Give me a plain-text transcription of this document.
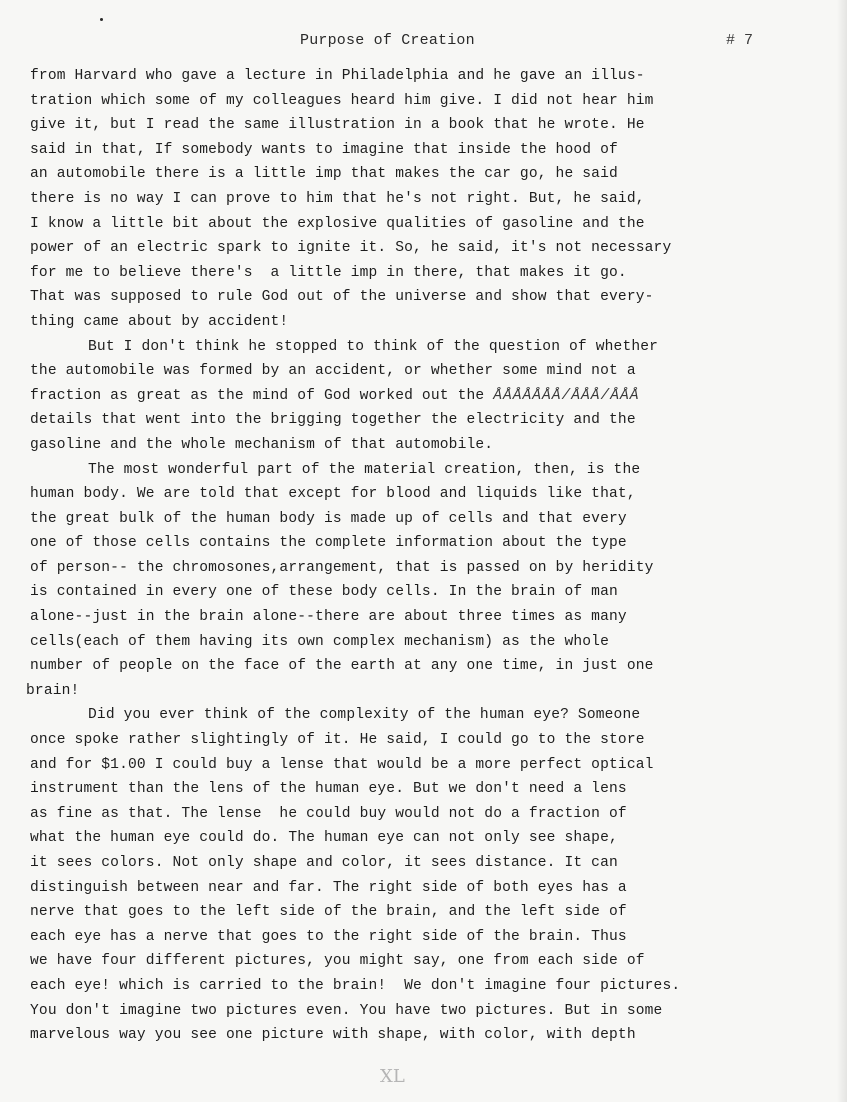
Purpose of Creation	# 7
from Harvard who gave a lecture in Philadelphia and he gave an illus-
tration which some of my colleagues heard him give. I did not hear him
give it, but I read the same illustration in a book that he wrote. He
said in that, If somebody wants to imagine that inside the hood of
an automobile there is a little imp that makes the car go, he said
there is no way I can prove to him that he's not right. But, he said,
I know a little bit about the explosive qualities of gasoline and the
power of an electric spark to ignite it. So, he said, it's not necessary
for me to believe there's  a little imp in there, that makes it go.
That was supposed to rule God out of the universe and show that every-
thing came about by accident!
But I don't think he stopped to think of the question of whether
the automobile was formed by an accident, or whether some mind not a
fraction as great as the mind of God worked out the ÅÅÅÅÅÅÅ/ÅÅÅ/ÅÅÅ
details that went into the brigging together the electricity and the
gasoline and the whole mechanism of that automobile.
The most wonderful part of the material creation, then, is the
human body. We are told that except for blood and liquids like that,
the great bulk of the human body is made up of cells and that every
one of those cells contains the complete information about the type
of person-- the chromosones,arrangement, that is passed on by heridity
is contained in every one of these body cells. In the brain of man
alone--just in the brain alone--there are about three times as many
cells(each of them having its own complex mechanism) as the whole
number of people on the face of the earth at any one time, in just one
brain!
Did you ever think of the complexity of the human eye? Someone
once spoke rather slightingly of it. He said, I could go to the store
and for $1.00 I could buy a lense that would be a more perfect optical
instrument than the lens of the human eye. But we don't need a lens
as fine as that. The lense  he could buy would not do a fraction of
what the human eye could do. The human eye can not only see shape,
it sees colors. Not only shape and color, it sees distance. It can
distinguish between near and far. The right side of both eyes has a
nerve that goes to the left side of the brain, and the left side of
each eye has a nerve that goes to the right side of the brain. Thus
we have four different pictures, you might say, one from each side of
each eye! which is carried to the brain!  We don't imagine four pictures.
You don't imagine two pictures even. You have two pictures. But in some
marvelous way you see one picture with shape, with color, with depth
XL
